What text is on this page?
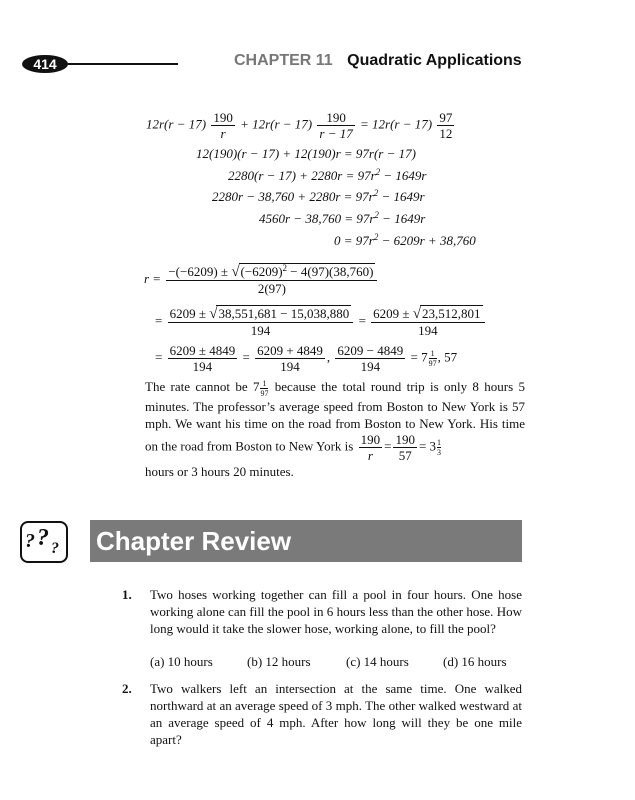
414	CHAPTER 11 Quadratic Applications
$12r(r - 17) \frac{190}{r} + 12r(r - 17) \frac{190}{r - 17} = 12r(r - 17) \frac{97}{12}$
12(190)(r − 17) + 12(190)r = 97r(r − 17)
$2280(r - 17) + 2280r = 97r^2 - 1649r$
$2280r - 38,760 + 2280r = 97r^2 - 1649r$
$4560r - 38,760 = 97r^2 - 1649r$
$0 = 97r^2 - 6209r + 38,760$
$r = \frac{-(-6209) \pm √(-6209)^2 - 4(97)(38,760)}{2(97)}$
= $\frac{6209 \pm √38,551,681 - 15,038,880}{194} = \frac{6209 \pm √23,512,801}{194}$
= $\frac{6209 \pm 4849}{194} = \frac{6209 + 4849}{194}$ , $\frac{6209 - 4849}{194} = 7 \frac{1}{97}$ , 57
The rate cannot be $7 \frac{1}{97}$ because the total round trip is only 8 hours 5 minutes. The professor’s average speed from Boston to New York is 57 mph. We want his time on the road from Boston to New York. His time on the road from Boston to New York is $\frac{190}{r} = \frac{190}{57} = 3 \frac{1}{3}$

hours or 3 hours 20 minutes.
? ? ? Chapter Review
1. Two hoses working together can fill a pool in four hours. One hose working alone can fill the pool in 6 hours less than the other hose. How long would it take the slower hose, working alone, to fill the pool?
(a) 10 hours	(b) 12 hours	(c) 14 hours	(d) 16 hours
2. Two walkers left an intersection at the same time. One walked northward at an average speed of 3 mph. The other walked westward at an average speed of 4 mph. After how long will they be one mile apart?
